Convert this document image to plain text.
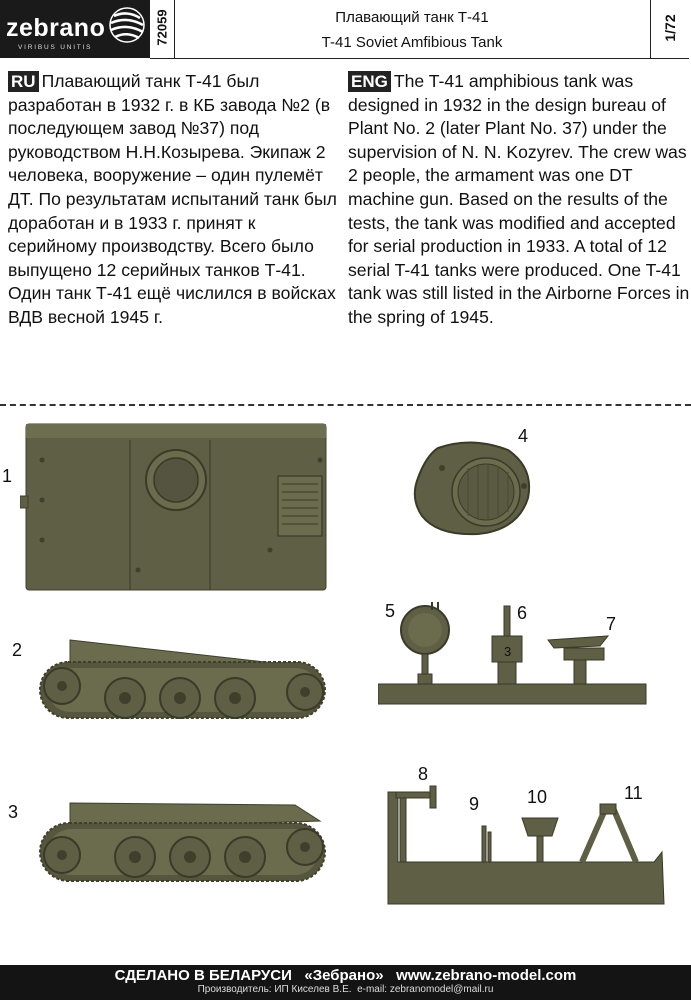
zebrano
VIRIBUS UNITIS
72059	Плавающий танк Т-41
T-41 Soviet Amfibious Tank
1/72
RU Плавающий танк Т-41 был разработан в 1932 г. в КБ завода №2 (в последующем завод №37) под руководством Н.Н.Козырева. Экипаж 2 человека, вооружение – один пулемёт ДТ. По результатам испытаний танк был доработан и в 1933 г. принят к серийному производству. Всего было выпущено 12 серийных танков Т-41. Один танк Т-41 ещё числился в войсках ВДВ весной 1945 г.
ENG The T-41 amphibious tank was designed in 1932 in the design bureau of Plant No. 2 (later Plant No. 37) under the supervision of N. N. Kozyrev. The crew was 2 people, the armament was one DT machine gun. Based on the results of the tests, the tank was modified and accepted for serial production in 1933. A total of 12 serial T-41 tanks were produced. One T-41 tank was still listed in the Airborne Forces in the spring of 1945.
1
2
3
4
5	6
7
8
9	10	11
3
СДЕЛАНО В БЕЛАРУСИ   «Зебрано»   www.zebrano-model.com
Производитель: ИП Киселев В.Е.  e-mail: zebranomodel@mail.ru
